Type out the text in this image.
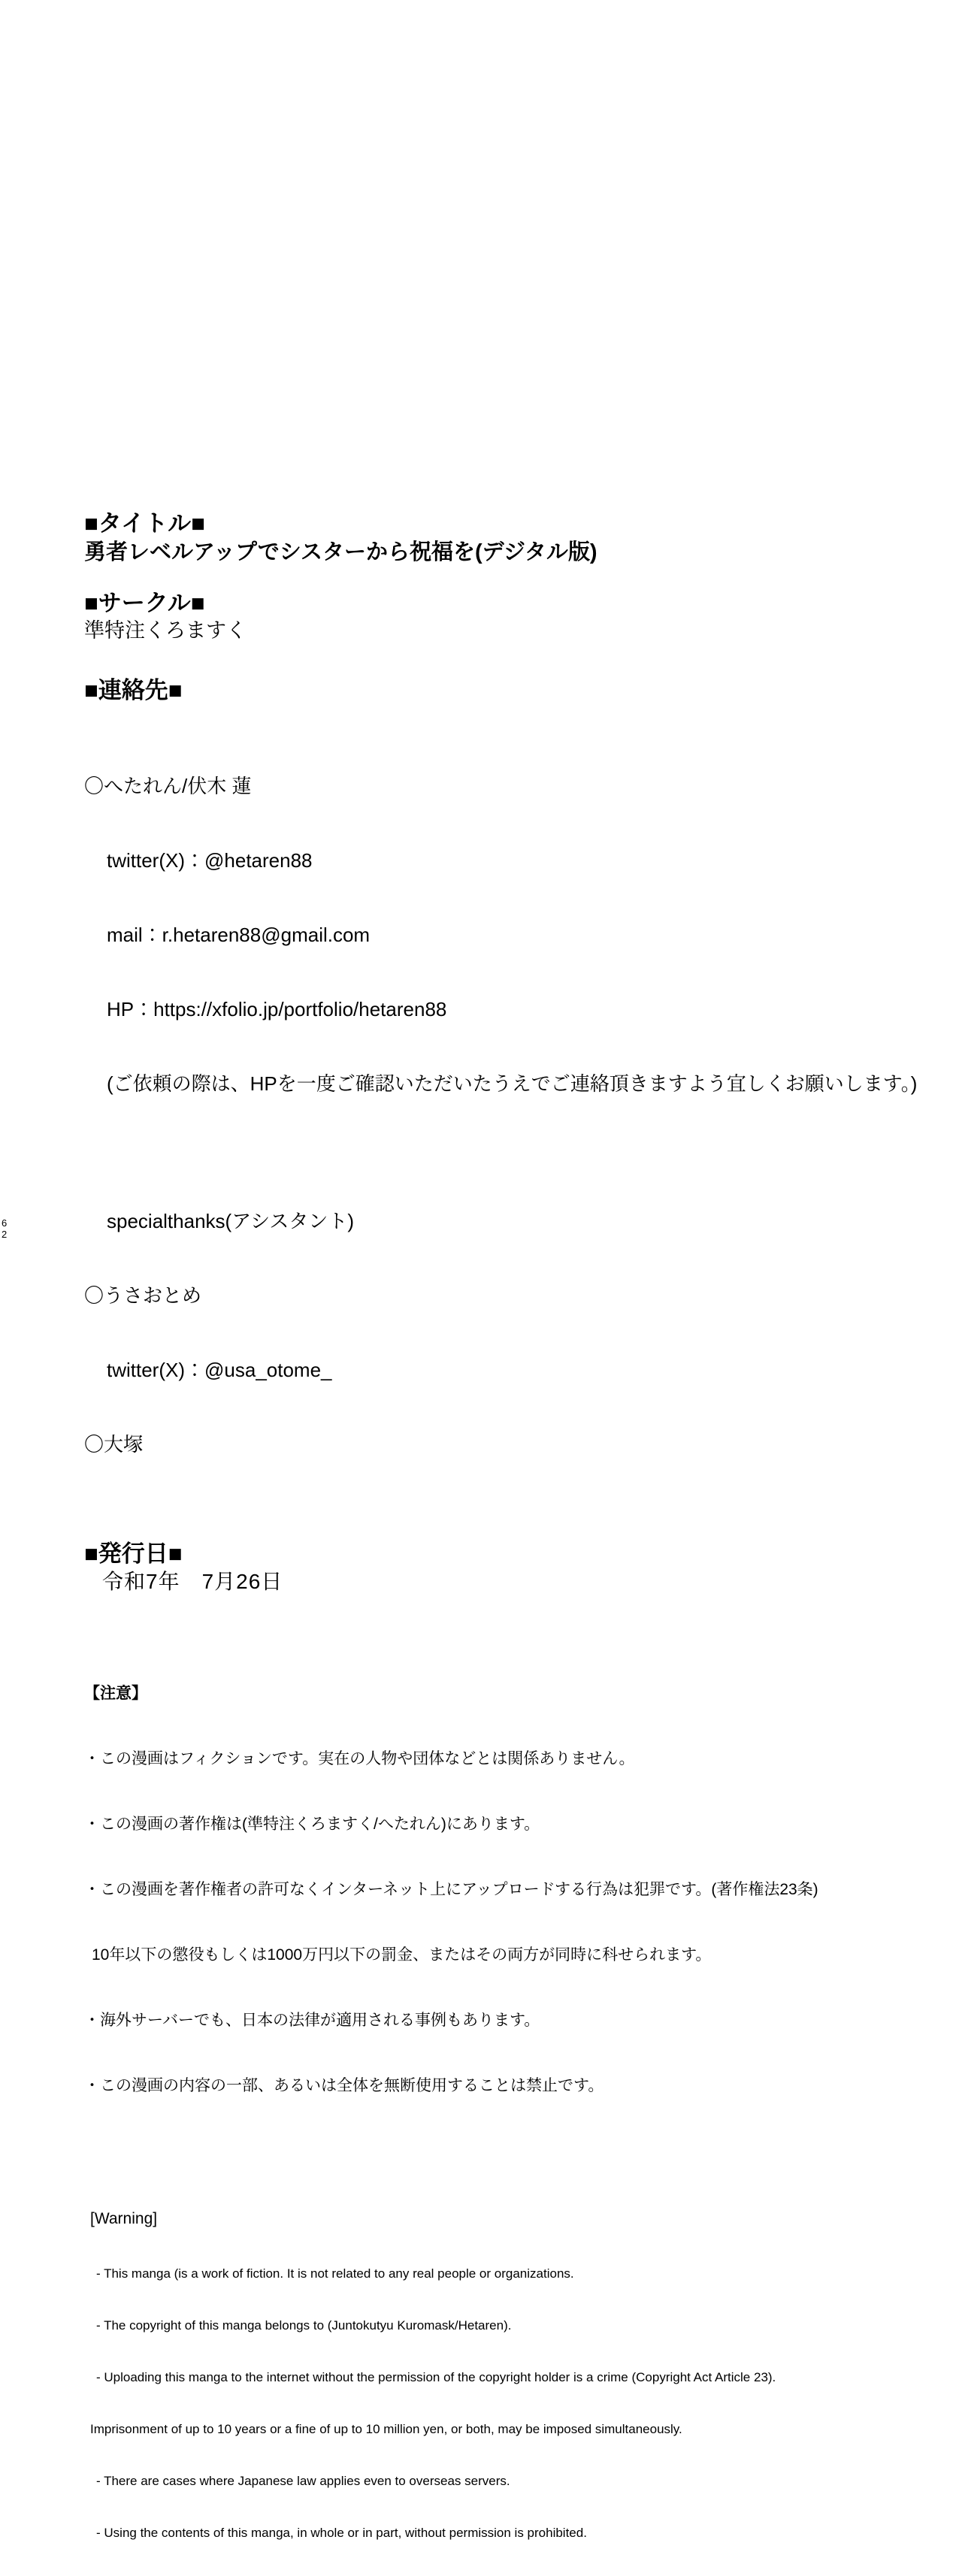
6
2
■タイトル■
勇者レベルアップでシスターから祝福を(デジタル版)
■サークル■
準特注くろますく
■連絡先■

〇へたれん/伏木 蓮

twitter(X)：@hetaren88

mail：r.hetaren88@gmail.com

HP：https://xfolio.jp/portfolio/hetaren88

(ご依頼の際は、HPを一度ご確認いただいたうえでご連絡頂きますよう宜しくお願いします。)

specialthanks(アシスタント)

〇うさおとめ

twitter(X)：@usa_otome_

〇大塚

■発行日■
令和7年　7月26日

【注意】

・この漫画はフィクションです。実在の人物や団体などとは関係ありません。

・この漫画の著作権は(準特注くろますく/へたれん)にあります。

・この漫画を著作権者の許可なくインターネット上にアップロードする行為は犯罪です。(著作権法23条)

10年以下の懲役もしくは1000万円以下の罰金、またはその両方が同時に科せられます。

・海外サーバーでも、日本の法律が適用される事例もあります。

・この漫画の内容の一部、あるいは全体を無断使用することは禁止です。

[Warning]

- This manga (is a work of fiction. It is not related to any real people or organizations.

- The copyright of this manga belongs to (Juntokutyu Kuromask/Hetaren).

- Uploading this manga to the internet without the permission of the copyright holder is a crime (Copyright Act Article 23).

Imprisonment of up to 10 years or a fine of up to 10 million yen, or both, may be imposed simultaneously.

- There are cases where Japanese law applies even to overseas servers.

- Using the contents of this manga, in whole or in part, without permission is prohibited.
